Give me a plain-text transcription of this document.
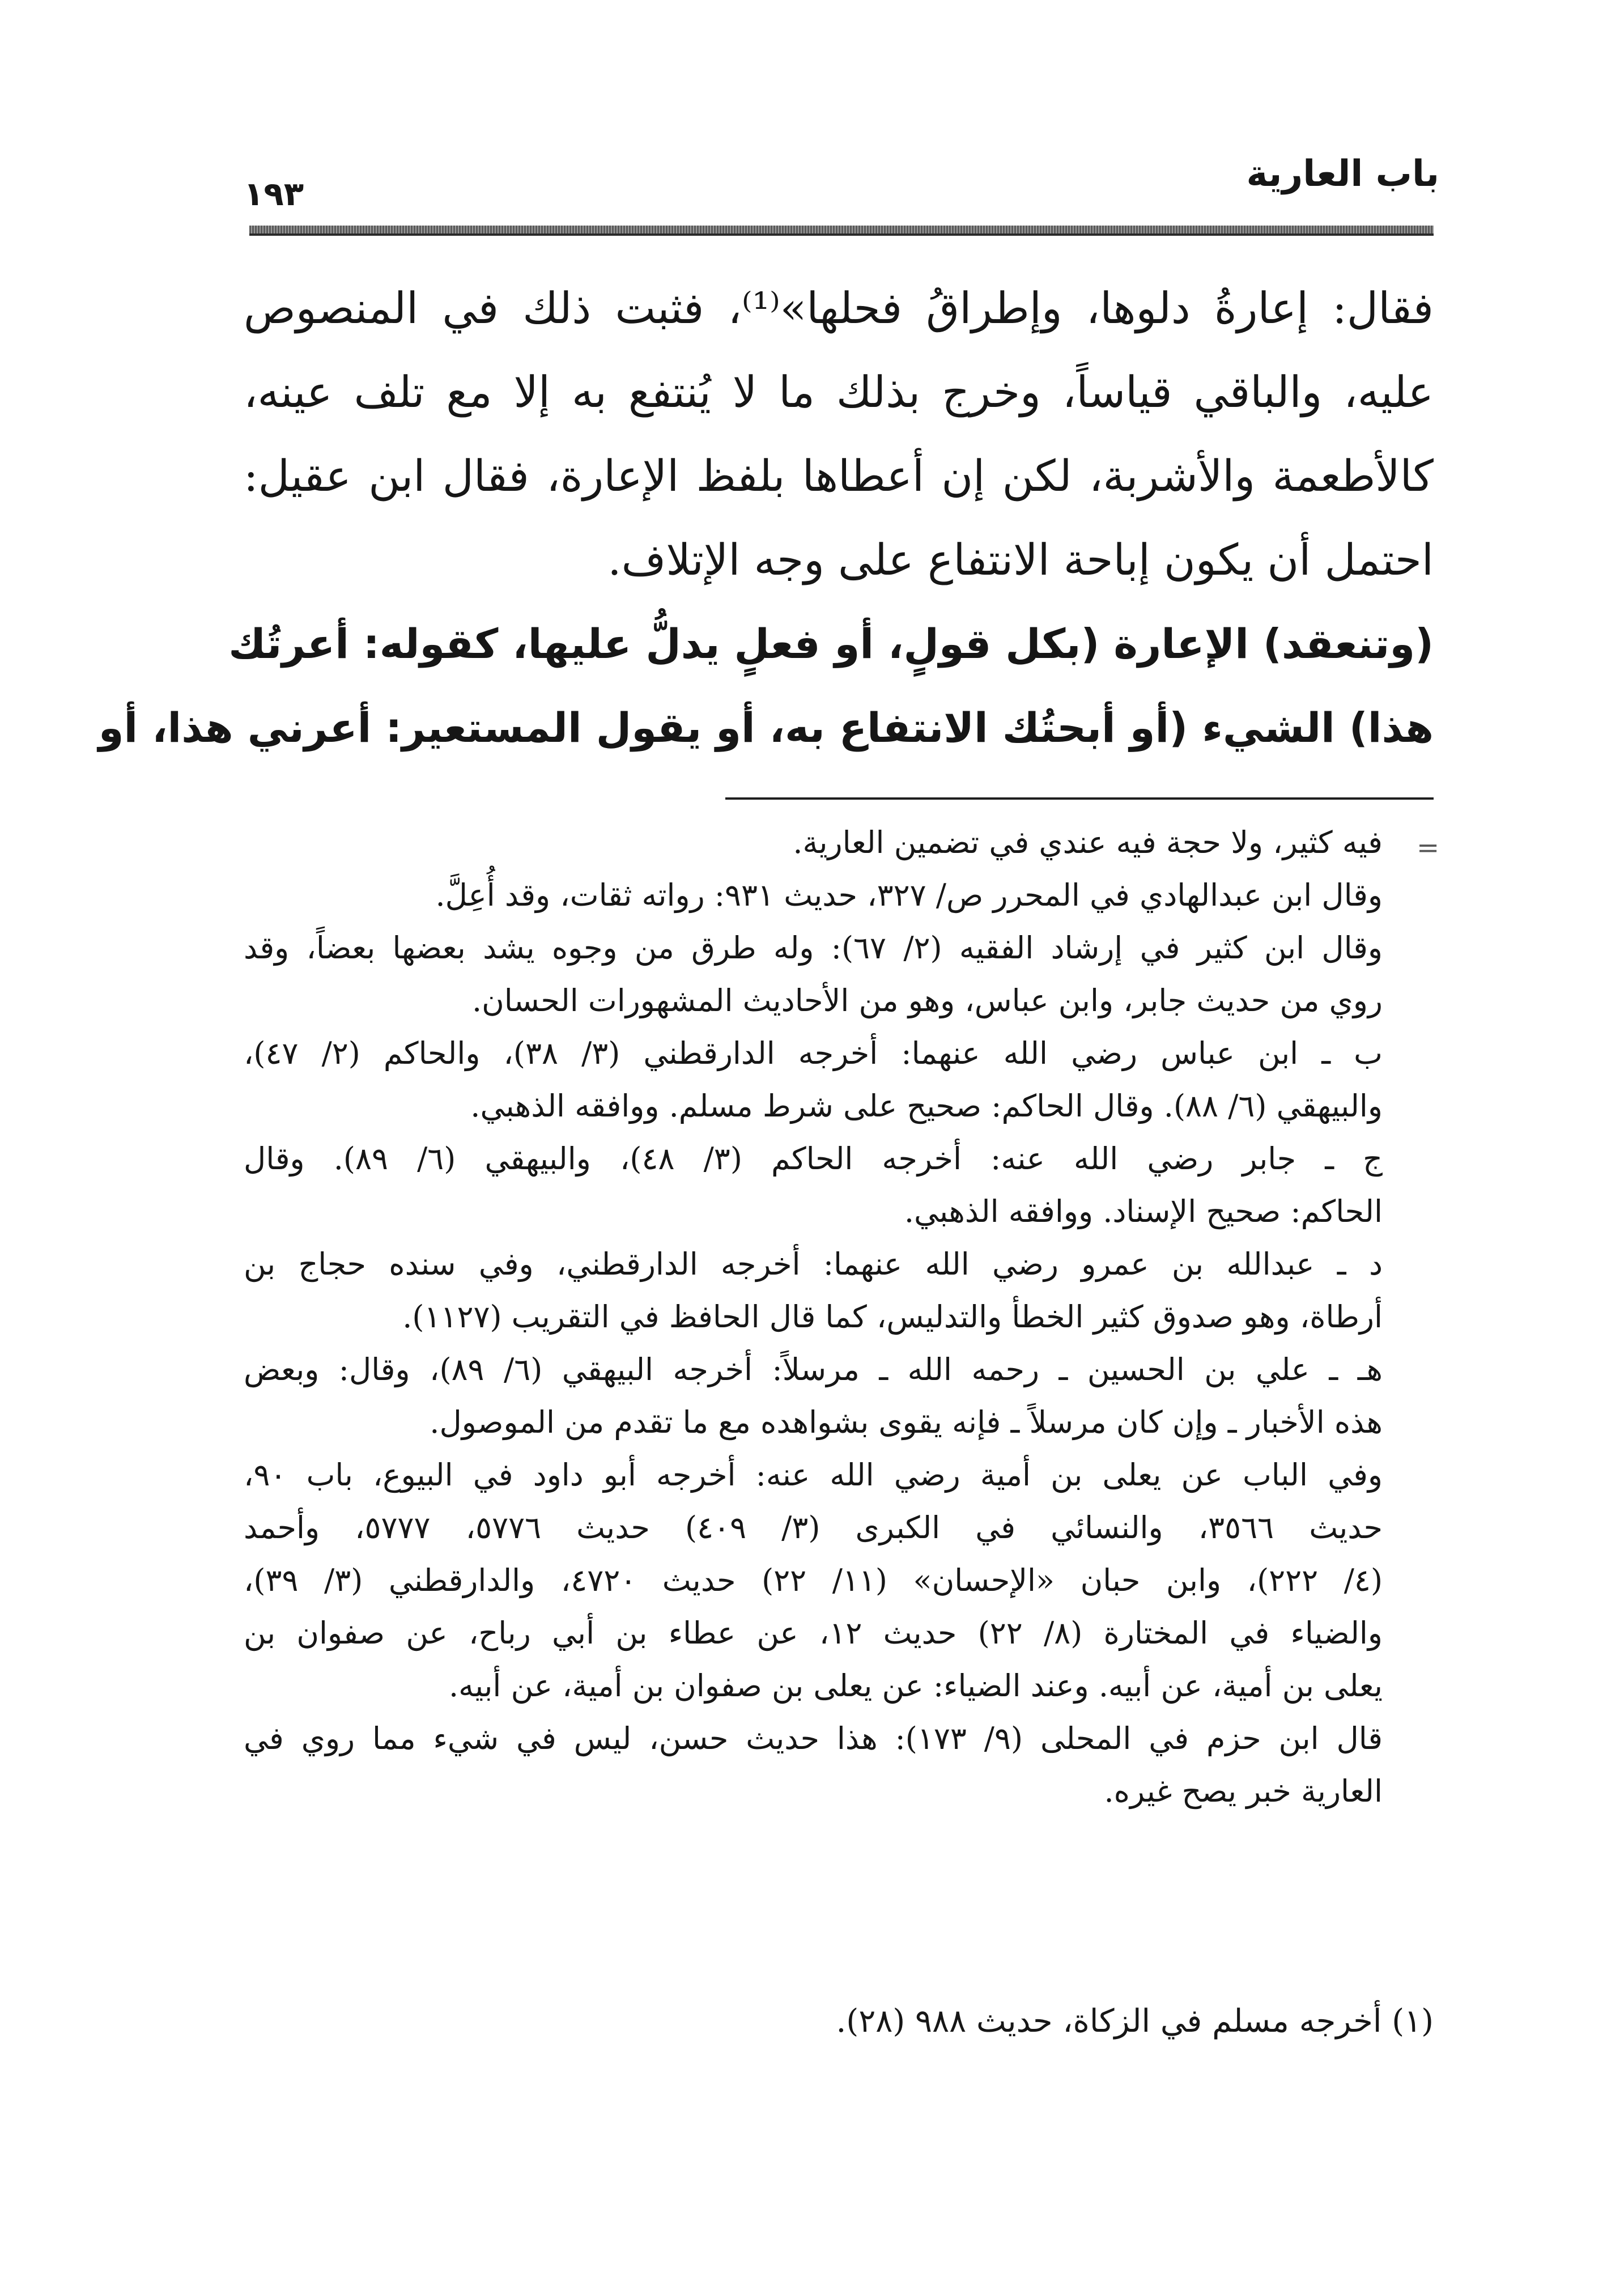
باب العارية
١٩٣
فقال: إعارةُ دلوها، وإطراقُ فحلها»⁽¹⁾، فثبت ذلك في المنصوص
عليه، والباقي قياساً، وخرج بذلك ما لا يُنتفع به إلا مع تلف عينه،
كالأطعمة والأشربة، لكن إن أعطاها بلفظ الإعارة، فقال ابن عقيل:
احتمل أن يكون إباحة الانتفاع على وجه الإتلاف.
(وتنعقد) الإعارة (بكل قولٍ، أو فعلٍ يدلُّ عليها، كقوله: أعرتُك
هذا) الشيء (أو أبحتُك الانتفاع به، أو يقول المستعير: أعرني هذا، أو
=
فيه كثير، ولا حجة فيه عندي في تضمين العارية.
وقال ابن عبدالهادي في المحرر ص/ ٣٢٧، حديث ٩٣١: رواته ثقات، وقد أُعِلَّ.
وقال ابن كثير في إرشاد الفقيه (٢/ ٦٧): وله طرق من وجوه يشد بعضها بعضاً، وقد
روي من حديث جابر، وابن عباس، وهو من الأحاديث المشهورات الحسان.
ب ـ ابن عباس رضي الله عنهما: أخرجه الدارقطني (٣/ ٣٨)، والحاكم (٢/ ٤٧)،
والبيهقي (٦/ ٨٨). وقال الحاكم: صحيح على شرط مسلم. ووافقه الذهبي.
ج ـ جابر رضي الله عنه: أخرجه الحاكم (٣/ ٤٨)، والبيهقي (٦/ ٨٩). وقال
الحاكم: صحيح الإسناد. ووافقه الذهبي.
د ـ عبدالله بن عمرو رضي الله عنهما: أخرجه الدارقطني، وفي سنده حجاج بن
أرطاة، وهو صدوق كثير الخطأ والتدليس، كما قال الحافظ في التقريب (١١٢٧).
هـ ـ علي بن الحسين ـ رحمه الله ـ مرسلاً: أخرجه البيهقي (٦/ ٨٩)، وقال: وبعض
هذه الأخبار ـ وإن كان مرسلاً ـ فإنه يقوى بشواهده مع ما تقدم من الموصول.
وفي الباب عن يعلى بن أمية رضي الله عنه: أخرجه أبو داود في البيوع، باب ٩٠،
حديث ٣٥٦٦، والنسائي في الكبرى (٣/ ٤٠٩) حديث ٥٧٧٦، ٥٧٧٧، وأحمد
(٤/ ٢٢٢)، وابن حبان «الإحسان» (١١/ ٢٢) حديث ٤٧٢٠، والدارقطني (٣/ ٣٩)،
والضياء في المختارة (٨/ ٢٢) حديث ١٢، عن عطاء بن أبي رباح، عن صفوان بن
يعلى بن أمية، عن أبيه. وعند الضياء: عن يعلى بن صفوان بن أمية، عن أبيه.
قال ابن حزم في المحلى (٩/ ١٧٣): هذا حديث حسن، ليس في شيء مما روي في
العارية خبر يصح غيره.
(١) أخرجه مسلم في الزكاة، حديث ٩٨٨ (٢٨).
